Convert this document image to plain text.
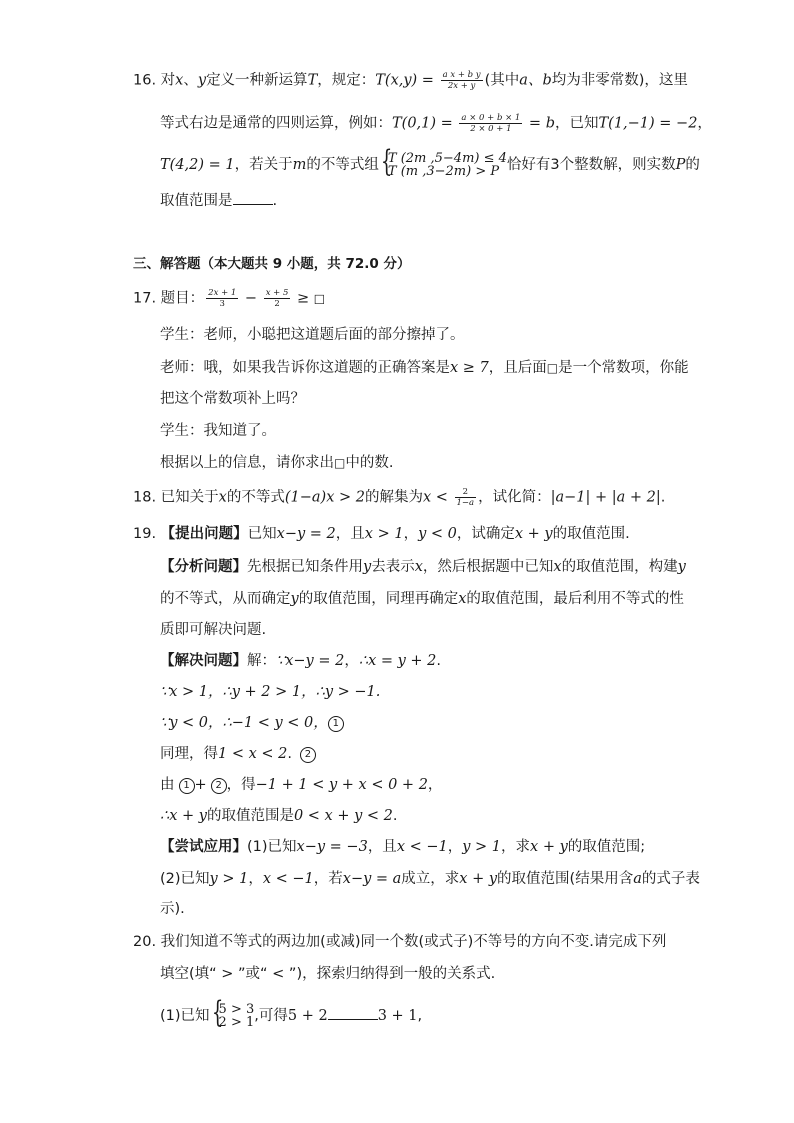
16. 对x、y定义一种新运算T，规定：$T(x,y) = \frac{\text{a x + b y}}{2x + y}$ (其中a、b均为非零常数)，这里
等式右边是通常的四则运算，例如：$T(0,1) = \frac{a \times 0 + b \times 1}{2 \times 0 + 1} = b$，已知T(1,−1) = −2，
T(4,2) = 1，若关于m的不等式组 {
T (2m ,5−4m) ≤ 4
T (m ,3−2m) > P 恰好有3个整数解，则实数P的
取值范围是	.
三、解答题（本大题共 9 小题，共 72.0 分）
17. 题目： $\frac{2x + 1}{3} - \frac{x + 5}{2}$ ≥ □
学生：老师，小聪把这道题后面的部分擦掉了。
老师：哦，如果我告诉你这道题的正确答案是x ≥ 7，且后面□是一个常数项，你能
把这个常数项补上吗？
学生：我知道了。
根据以上的信息，请你求出□中的数.
18. 已知关于x的不等式(1−a)x > 2的解集为$x < \frac{2}{1-a}$ ，试化简：|a−1| + |a + 2|.
19. 【提出问题】已知x−y = 2，且x > 1，y < 0，试确定x + y的取值范围.
【分析问题】先根据已知条件用y去表示x，然后根据题中已知x的取值范围，构建y
的不等式，从而确定y的取值范围，同理再确定x的取值范围，最后利用不等式的性
质即可解决问题.
【解决问题】解：∵x−y = 2，∴x = y + 2.
∵x > 1，∴y + 2 > 1，∴y > −1.
∵y < 0，∴−1 < y < 0， 1
同理，得1 < x < 2. 2
由 1 + 2 ，得−1 + 1 < y + x < 0 + 2，
∴x + y的取值范围是0 < x + y < 2.
【尝试应用】(1)已知x−y = −3，且x < −1，y > 1，求x + y的取值范围;
(2)已知y > 1，x < −1，若x−y = a成立，求x + y的取值范围(结果用含a的式子表
示).
20. 我们知道不等式的两边加(或减)同一个数(或式子)不等号的方向不变.请完成下列
填空(填“ > ”或“ < ”)，探索归纳得到一般的关系式.
(1)已知 {
5 > 3
2 > 1 ,可得5 + 2	3 + 1,
